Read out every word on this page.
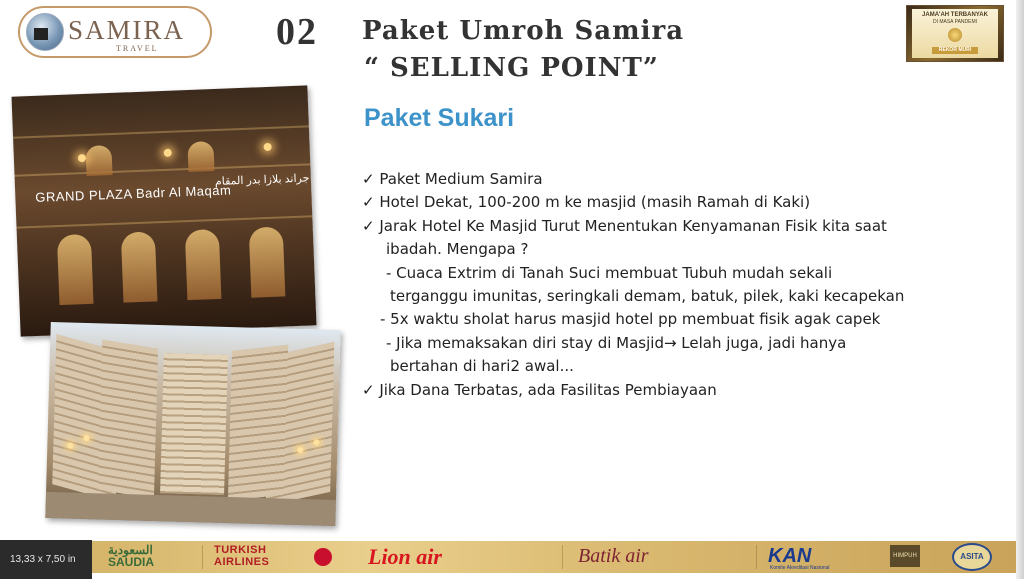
SAMIRA
TRAVEL	02 Paket Umroh Samira
“ SELLING POINT”
JAMA'AH TERBANYAK
DI MASA PANDEMI
REKOR MURI
GRAND PLAZA Badr Al Maqam
جراند بلازا بدر المقام
Paket Sukari
✓ Paket Medium Samira
✓ Hotel Dekat, 100-200 m ke masjid (masih Ramah di Kaki)
✓ Jarak Hotel Ke Masjid Turut Menentukan Kenyamanan Fisik kita saat
ibadah. Mengapa ?
- Cuaca Extrim di Tanah Suci membuat Tubuh mudah sekali
terganggu imunitas, seringkali demam, batuk, pilek, kaki kecapekan
- 5x waktu sholat harus masjid hotel pp membuat fisik agak capek
- Jika memaksakan diri stay di Masjid→ Lelah juga, jadi hanya
bertahan di hari2 awal...
✓ Jika Dana Terbatas, ada Fasilitas Pembiayaan
السعودية
SAUDIA
TURKISH
AIRLINES	Lion air	Batik air	KAN
Komite Akreditasi Nasional
HIMPUH	ASITA
13,33 x 7,50 in
